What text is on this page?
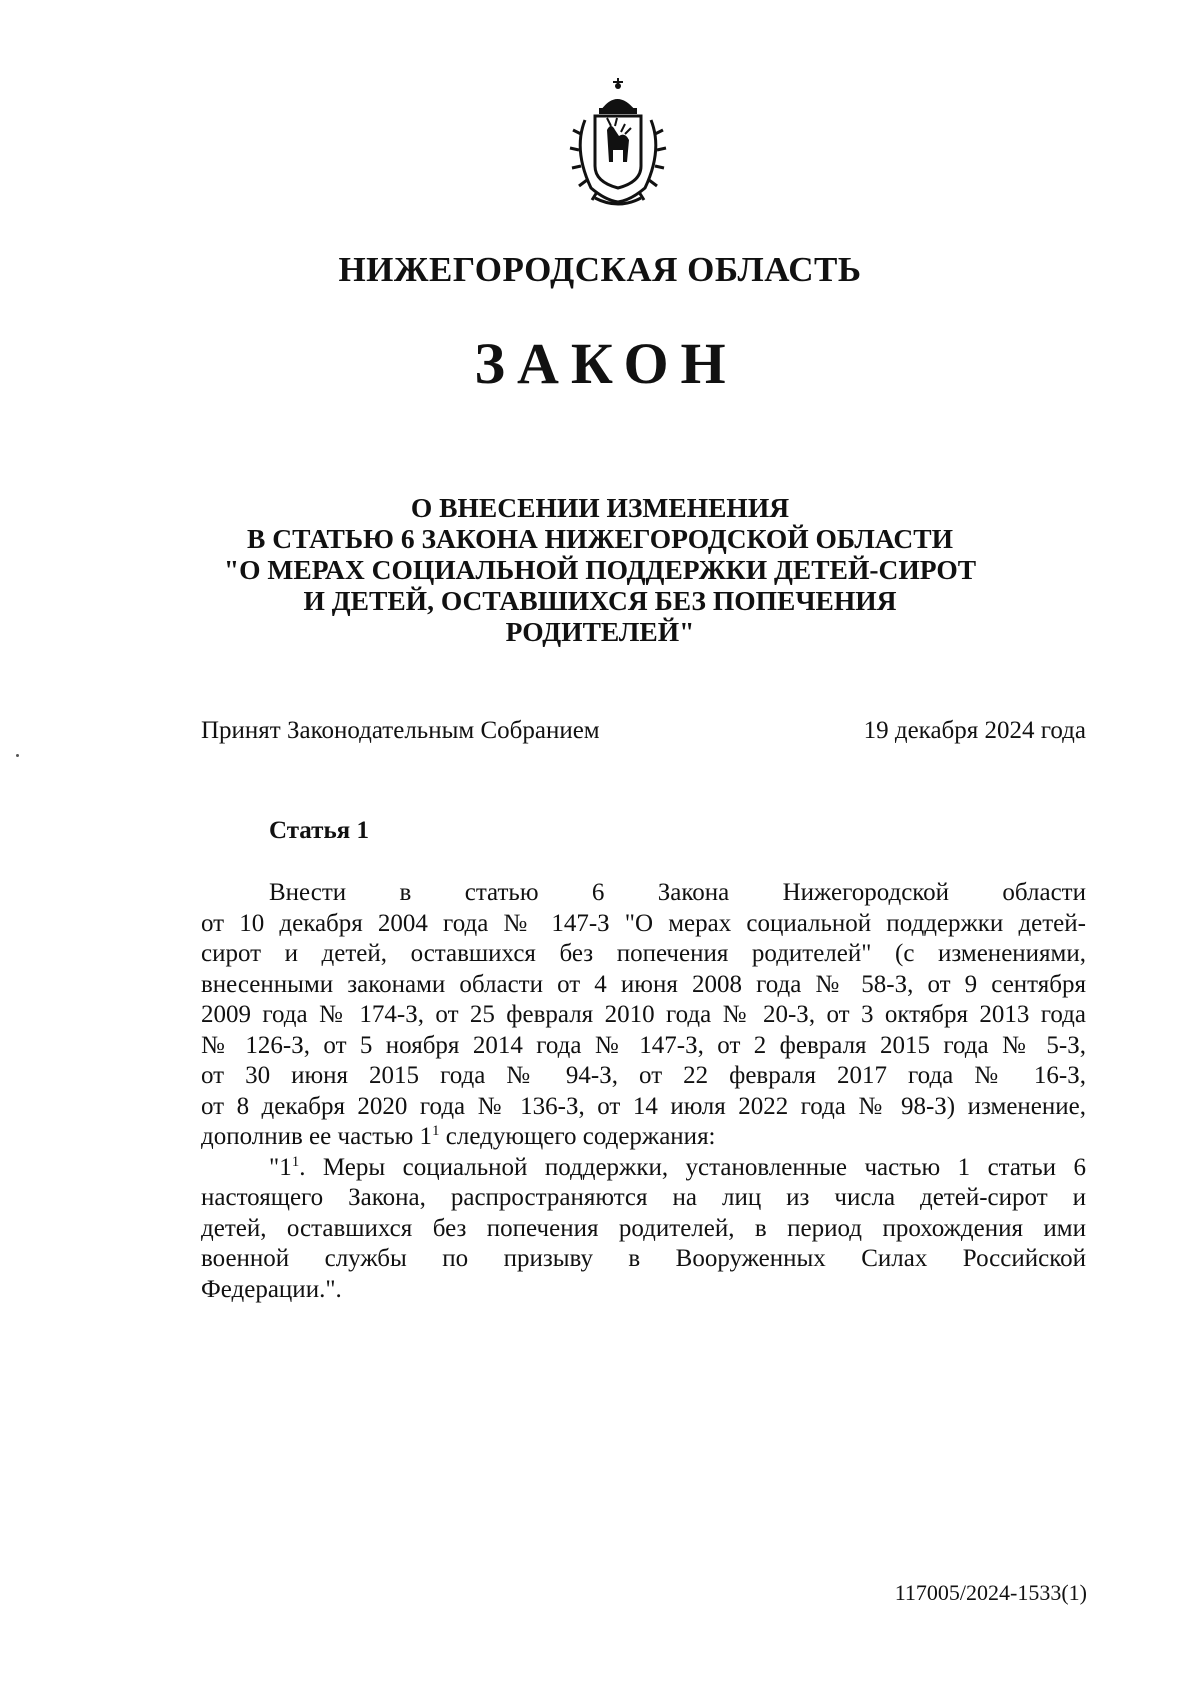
НИЖЕГОРОДСКАЯ ОБЛАСТЬ
ЗАКОН
О ВНЕСЕНИИ ИЗМЕНЕНИЯ
В СТАТЬЮ 6 ЗАКОНА НИЖЕГОРОДСКОЙ ОБЛАСТИ
"О МЕРАХ СОЦИАЛЬНОЙ ПОДДЕРЖКИ ДЕТЕЙ-СИРОТ
И ДЕТЕЙ, ОСТАВШИХСЯ БЕЗ ПОПЕЧЕНИЯ
РОДИТЕЛЕЙ"
Принят Законодательным Собранием	19 декабря 2024 года
Статья 1

Внести в статью 6 Закона Нижегородской области
от 10 декабря 2004 года № 147-З "О мерах социальной поддержки детей-
сирот и детей, оставшихся без попечения родителей" (с изменениями,
внесенными законами области от 4 июня 2008 года № 58-З, от 9 сентября
2009 года № 174-З, от 25 февраля 2010 года № 20-З, от 3 октября 2013 года
№ 126-З, от 5 ноября 2014 года № 147-З, от 2 февраля 2015 года № 5-З,
от 30 июня 2015 года № 94-З, от 22 февраля 2017 года № 16-З,
от 8 декабря 2020 года № 136-З, от 14 июля 2022 года № 98-З) изменение,
дополнив ее частью $1^1$ следующего содержания:

"$1^1$. Меры социальной поддержки, установленные частью 1 статьи 6
настоящего Закона, распространяются на лиц из числа детей-сирот и
детей, оставшихся без попечения родителей, в период прохождения ими
военной службы по призыву в Вооруженных Силах Российской
Федерации.".

117005/2024-1533(1)
